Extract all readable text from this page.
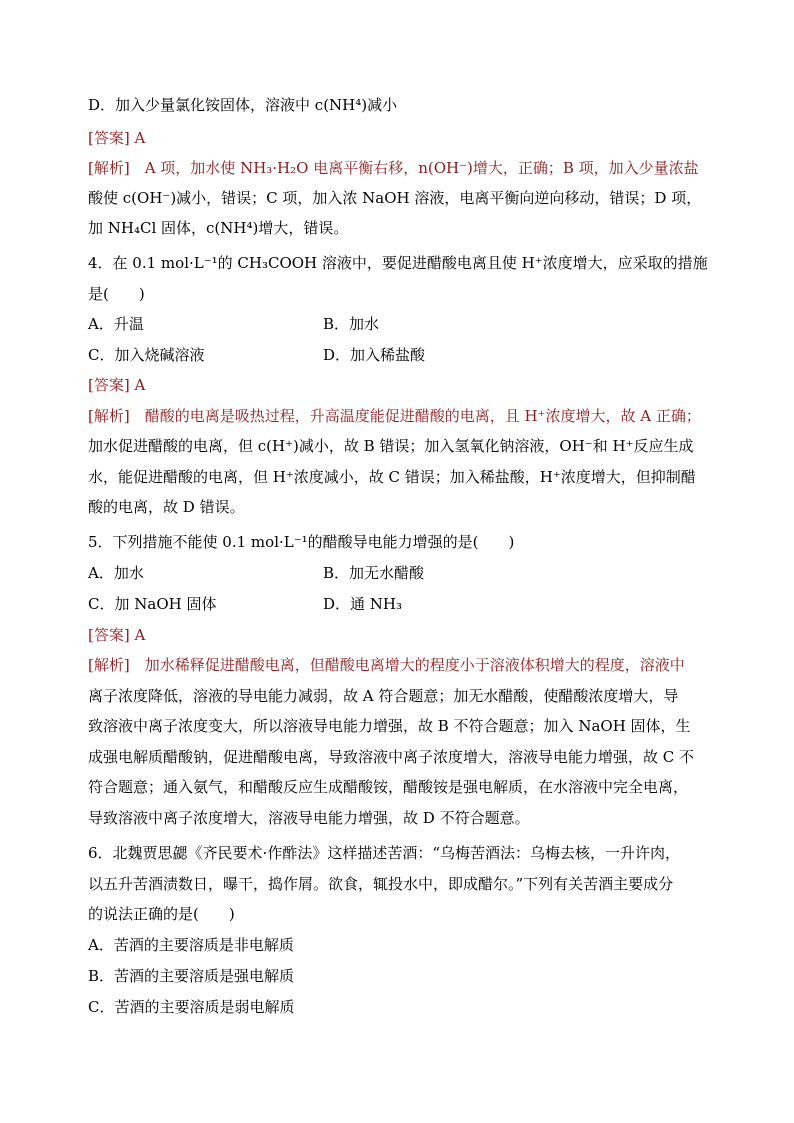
D．加入少量氯化铵固体，溶液中 c(NH⁴)减小
[答案] A
[解析]　A 项，加水使 NH₃·H₂O 电离平衡右移，n(OH⁻)增大，正确；B 项，加入少量浓盐
酸使 c(OH⁻)减小，错误；C 项，加入浓 NaOH 溶液，电离平衡向逆向移动，错误；D 项，
加 NH₄Cl 固体，c(NH⁴)增大，错误。
4．在 0.1 mol·L⁻¹的 CH₃COOH 溶液中，要促进醋酸电离且使 H⁺浓度增大，应采取的措施
是(　　)
A．升温	B．加水
C．加入烧碱溶液	D．加入稀盐酸
[答案] A
[解析]　醋酸的电离是吸热过程，升高温度能促进醋酸的电离，且 H⁺浓度增大，故 A 正确；
加水促进醋酸的电离，但 c(H⁺)减小，故 B 错误；加入氢氧化钠溶液，OH⁻和 H⁺反应生成
水，能促进醋酸的电离，但 H⁺浓度减小，故 C 错误；加入稀盐酸，H⁺浓度增大，但抑制醋
酸的电离，故 D 错误。
5．下列措施不能使 0.1 mol·L⁻¹的醋酸导电能力增强的是(　　)
A．加水	B．加无水醋酸
C．加 NaOH 固体	D．通 NH₃
[答案] A
[解析]　加水稀释促进醋酸电离，但醋酸电离增大的程度小于溶液体积增大的程度，溶液中
离子浓度降低，溶液的导电能力减弱，故 A 符合题意；加无水醋酸，使醋酸浓度增大，导
致溶液中离子浓度变大，所以溶液导电能力增强，故 B 不符合题意；加入 NaOH 固体，生
成强电解质醋酸钠，促进醋酸电离，导致溶液中离子浓度增大，溶液导电能力增强，故 C 不
符合题意；通入氨气，和醋酸反应生成醋酸铵，醋酸铵是强电解质，在水溶液中完全电离，
导致溶液中离子浓度增大，溶液导电能力增强，故 D 不符合题意。
6．北魏贾思勰《齐民要术·作酢法》这样描述苦酒：“乌梅苦酒法：乌梅去核，一升许肉，
以五升苦酒渍数日，曝干，捣作屑。欲食，辄投水中，即成醋尔。”下列有关苦酒主要成分
的说法正确的是(　　)
A．苦酒的主要溶质是非电解质
B．苦酒的主要溶质是强电解质
C．苦酒的主要溶质是弱电解质
